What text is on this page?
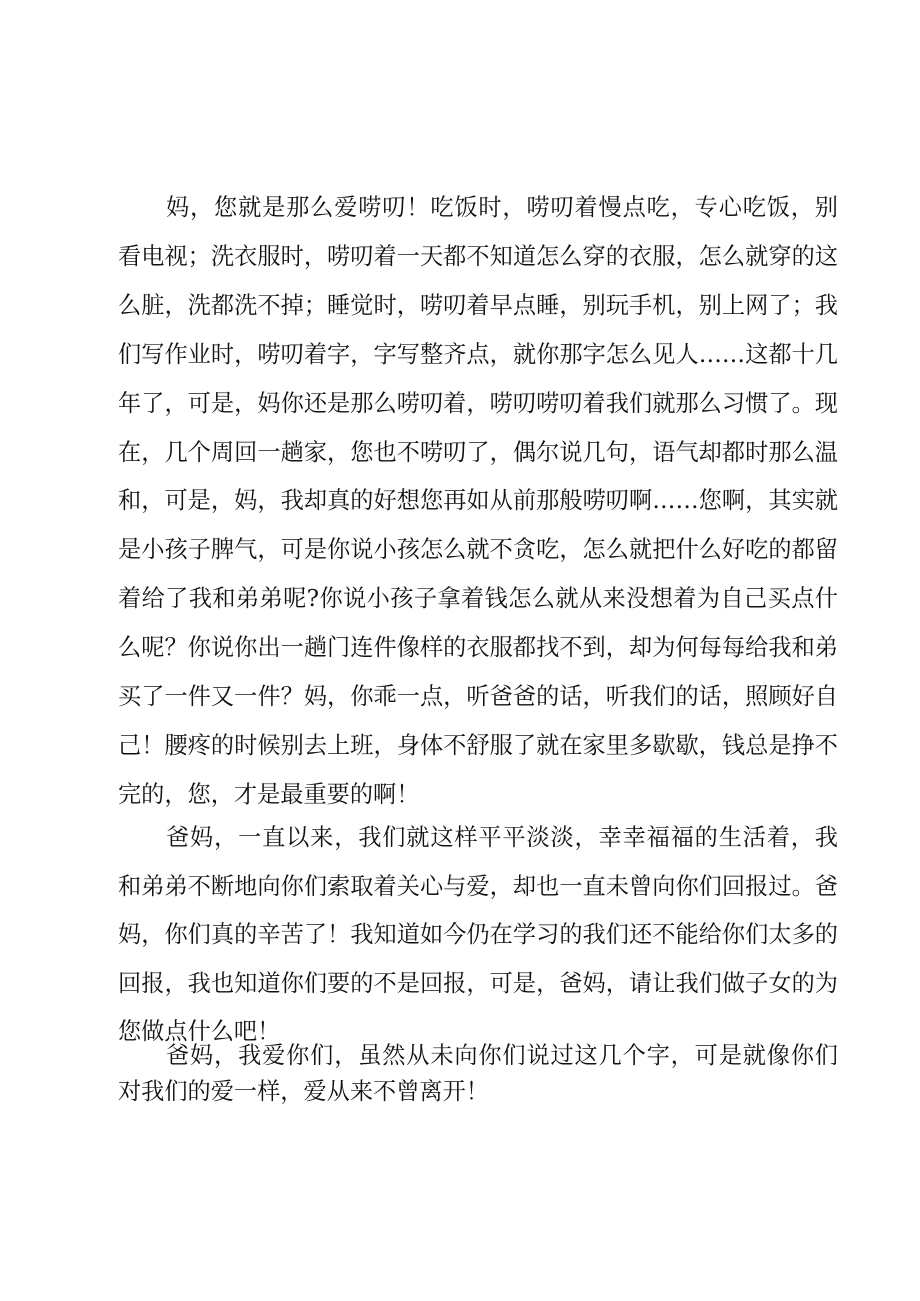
妈，您就是那么爱唠叨！吃饭时，唠叨着慢点吃，专心吃饭，别看电视；洗衣服时，唠叨着一天都不知道怎么穿的衣服，怎么就穿的这么脏，洗都洗不掉；睡觉时，唠叨着早点睡，别玩手机，别上网了；我们写作业时，唠叨着字，字写整齐点，就你那字怎么见人……这都十几年了，可是，妈你还是那么唠叨着，唠叨唠叨着我们就那么习惯了。现在，几个周回一趟家，您也不唠叨了，偶尔说几句，语气却都时那么温和，可是，妈，我却真的好想您再如从前那般唠叨啊……您啊，其实就是小孩子脾气，可是你说小孩怎么就不贪吃，怎么就把什么好吃的都留着给了我和弟弟呢?你说小孩子拿着钱怎么就从来没想着为自己买点什么呢？你说你出一趟门连件像样的衣服都找不到，却为何每每给我和弟买了一件又一件？妈，你乖一点，听爸爸的话，听我们的话，照顾好自己！腰疼的时候别去上班，身体不舒服了就在家里多歇歇，钱总是挣不完的，您，才是最重要的啊！

爸妈，一直以来，我们就这样平平淡淡，幸幸福福的生活着，我和弟弟不断地向你们索取着关心与爱，却也一直未曾向你们回报过。爸妈，你们真的辛苦了！我知道如今仍在学习的我们还不能给你们太多的回报，我也知道你们要的不是回报，可是，爸妈，请让我们做子女的为您做点什么吧！

爸妈，我爱你们，虽然从未向你们说过这几个字，可是就像你们对我们的爱一样，爱从来不曾离开！
